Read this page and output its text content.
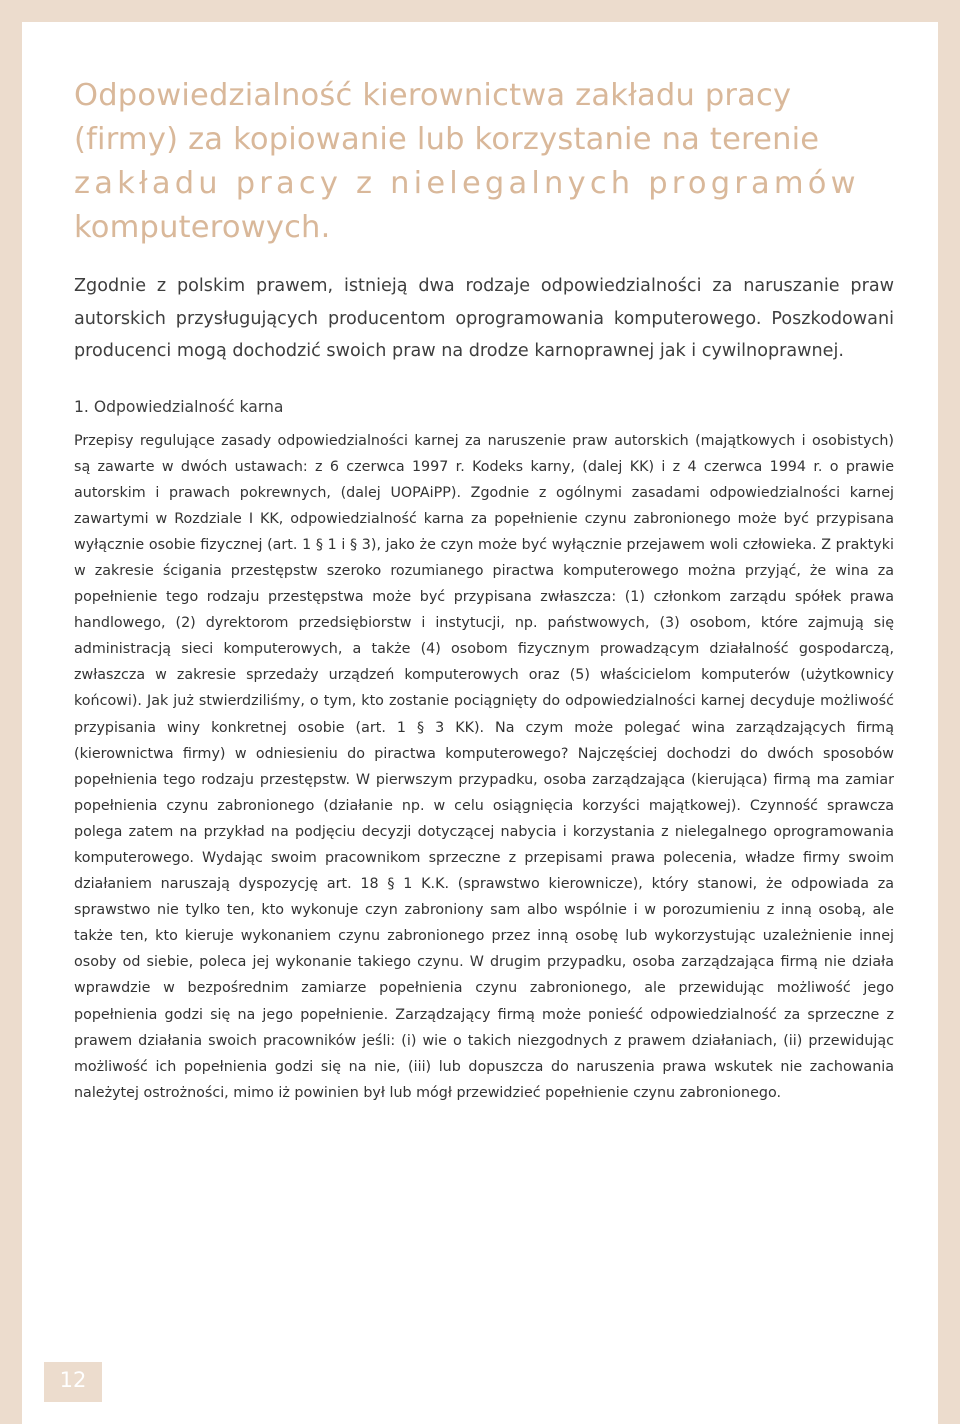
Odpowiedzialność kierownictwa zakładu pracy
(firmy) za kopiowanie lub korzystanie na terenie
zakładu pracy z nielegalnych programów
komputerowych.

Zgodnie z polskim prawem, istnieją dwa rodzaje odpowiedzialności za naruszanie praw autorskich przysługujących producentom oprogramowania komputerowego. Poszkodowani producenci mogą dochodzić swoich praw na drodze karnoprawnej jak i cywilnoprawnej.

1. Odpowiedzialność karna

Przepisy regulujące zasady odpowiedzialności karnej za naruszenie praw autorskich (majątkowych i osobistych) są zawarte w dwóch ustawach: z 6 czerwca 1997 r. Kodeks karny, (dalej KK) i z 4 czerwca 1994 r. o prawie autorskim i prawach pokrewnych, (dalej UOPAiPP). Zgodnie z ogólnymi zasadami odpowiedzialności karnej zawartymi w Rozdziale I KK, odpowiedzialność karna za popełnienie czynu zabronionego może być przypisana wyłącznie osobie fizycznej (art. 1 § 1 i § 3), jako że czyn może być wyłącznie przejawem woli człowieka. Z praktyki w zakresie ścigania przestępstw szeroko rozumianego piractwa komputerowego można przyjąć, że wina za popełnienie tego rodzaju przestępstwa może być przypisana zwłaszcza: (1) członkom zarządu spółek prawa handlowego, (2) dyrektorom przedsiębiorstw i instytucji, np. państwowych, (3) osobom, które zajmują się administracją sieci komputerowych, a także (4) osobom fizycznym prowadzącym działalność gospodarczą, zwłaszcza w zakresie sprzedaży urządzeń komputerowych oraz (5) właścicielom komputerów (użytkownicy końcowi). Jak już stwierdziliśmy, o tym, kto zostanie pociągnięty do odpowiedzialności karnej decyduje możliwość przypisania winy konkretnej osobie (art. 1 § 3 KK). Na czym może polegać wina zarządzających firmą (kierownictwa firmy) w odniesieniu do piractwa komputerowego? Najczęściej dochodzi do dwóch sposobów popełnienia tego rodzaju przestępstw. W pierwszym przypadku, osoba zarządzająca (kierująca) firmą ma zamiar popełnienia czynu zabronionego (działanie np. w celu osiągnięcia korzyści majątkowej). Czynność sprawcza polega zatem na przykład na podjęciu decyzji dotyczącej nabycia i korzystania z nielegalnego oprogramowania komputerowego. Wydając swoim pracownikom sprzeczne z przepisami prawa polecenia, władze firmy swoim działaniem naruszają dyspozycję art. 18 § 1 K.K. (sprawstwo kierownicze), który stanowi, że odpowiada za sprawstwo nie tylko ten, kto wykonuje czyn zabroniony sam albo wspólnie i w porozumieniu z inną osobą, ale także ten, kto kieruje wykonaniem czynu zabronionego przez inną osobę lub wykorzystując uzależnienie innej osoby od siebie, poleca jej wykonanie takiego czynu. W drugim przypadku, osoba zarządzająca firmą nie działa wprawdzie w bezpośrednim zamiarze popełnienia czynu zabronionego, ale przewidując możliwość jego popełnienia godzi się na jego popełnienie. Zarządzający firmą może ponieść odpowiedzialność za sprzeczne z prawem działania swoich pracowników jeśli: (i) wie o takich niezgodnych z prawem działaniach, (ii) przewidując możliwość ich popełnienia godzi się na nie, (iii) lub dopuszcza do naruszenia prawa wskutek nie zachowania należytej ostrożności, mimo iż powinien był lub mógł przewidzieć popełnienie czynu zabronionego.

12
